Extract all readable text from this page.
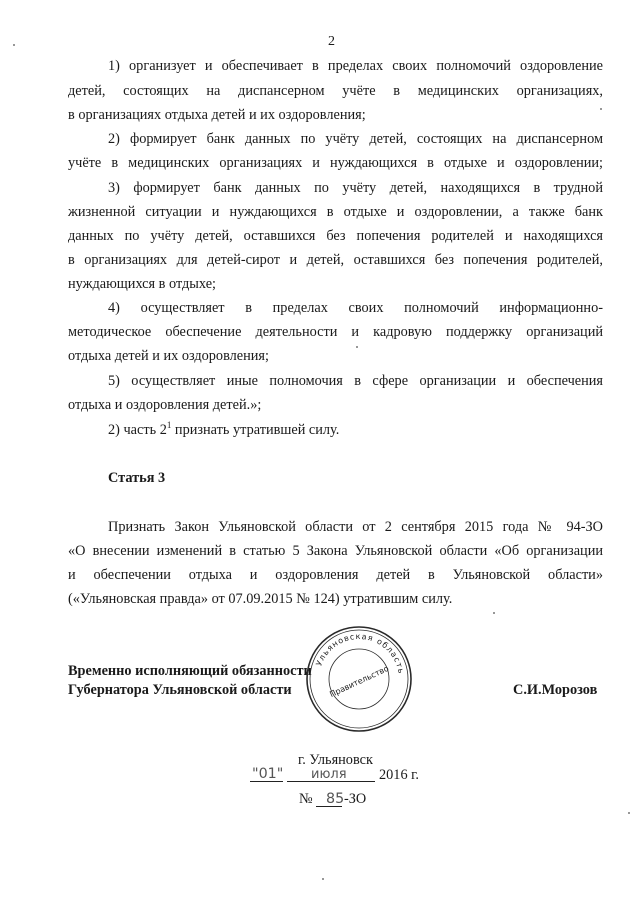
2
1) организует и обеспечивает в пределах своих полномочий оздоровление
детей, состоящих на диспансерном учёте в медицинских организациях,
в организациях отдыха детей и их оздоровления;
2) формирует банк данных по учёту детей, состоящих на диспансерном
учёте в медицинских организациях и нуждающихся в отдыхе и оздоровлении;
3) формирует банк данных по учёту детей, находящихся в трудной
жизненной ситуации и нуждающихся в отдыхе и оздоровлении, а также банк
данных по учёту детей, оставшихся без попечения родителей и находящихся
в организациях для детей-сирот и детей, оставшихся без попечения родителей,
нуждающихся в отдыхе;
4) осуществляет в пределах своих полномочий информационно-
методическое обеспечение деятельности и кадровую поддержку организаций
отдыха детей и их оздоровления;
5) осуществляет иные полномочия в сфере организации и обеспечения
отдыха и оздоровления детей.»;
2) часть $2^1$ признать утратившей силу.
Статья 3
Признать Закон Ульяновской области от 2 сентября 2015 года № 94-ЗО
«О внесении изменений в статью 5 Закона Ульяновской области «Об организации
и обеспечении отдыха и оздоровления детей в Ульяновской области»
(«Ульяновская правда» от 07.09.2015 № 124) утратившим силу.
Временно исполняющий обязанности
Губернатора Ульяновской области	С.И.Морозов
Ульяновская область
Правительство
г. Ульяновск
"01" июля 2016 г.
№ 85 -ЗО
